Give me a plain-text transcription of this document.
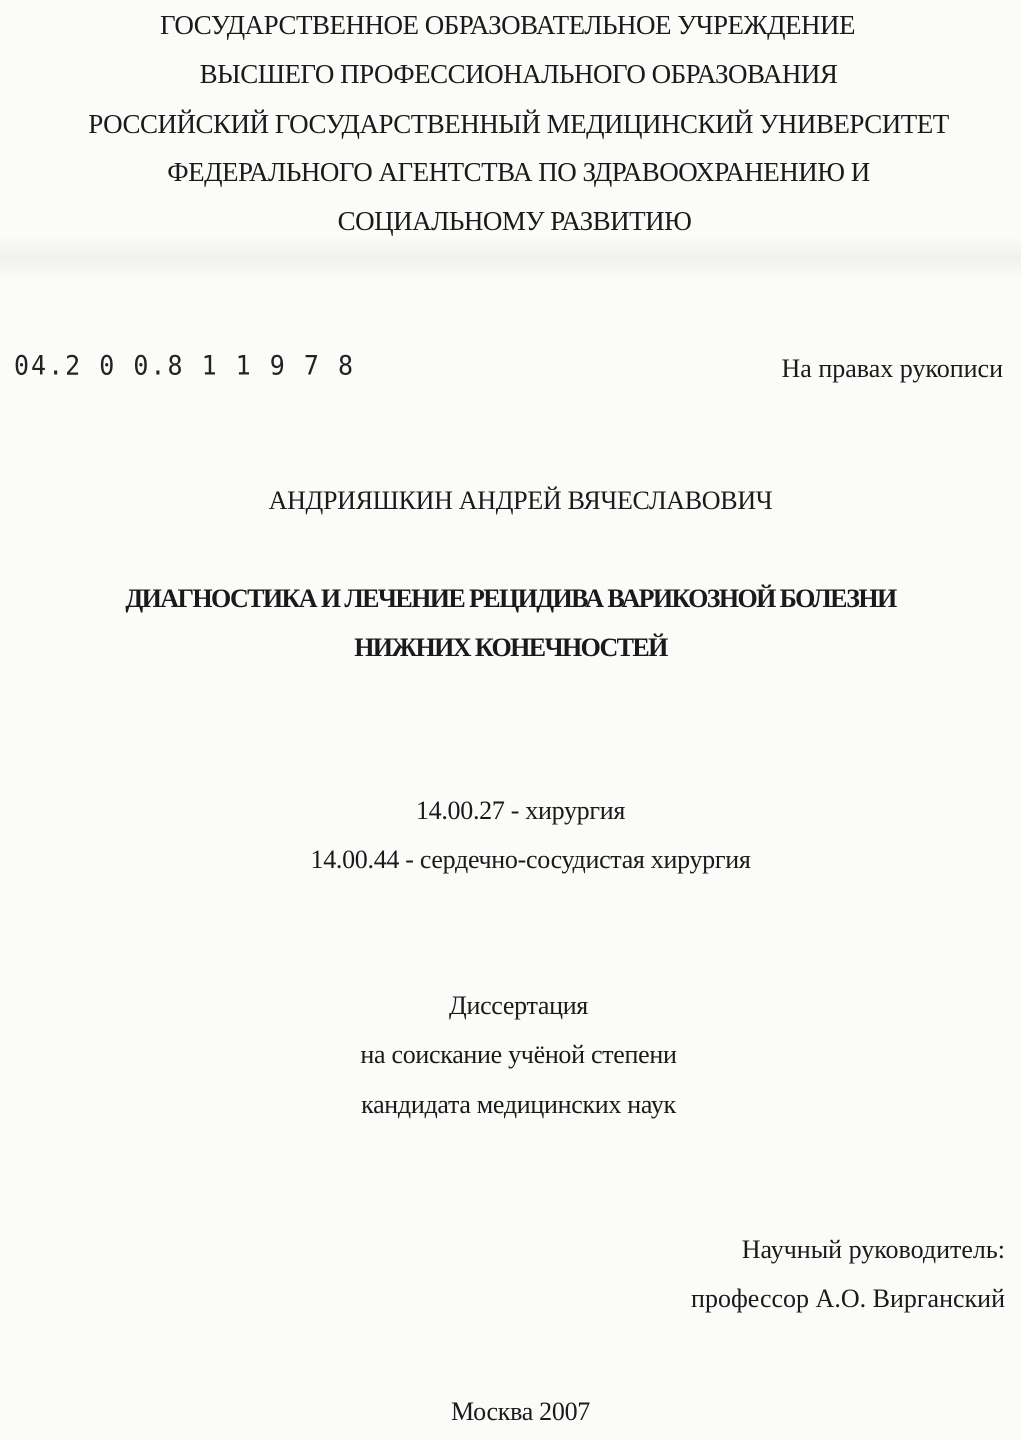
ГОСУДАРСТВЕННОЕ ОБРАЗОВАТЕЛЬНОЕ УЧРЕЖДЕНИЕ
ВЫСШЕГО ПРОФЕССИОНАЛЬНОГО ОБРАЗОВАНИЯ
РОССИЙСКИЙ ГОСУДАРСТВЕННЫЙ МЕДИЦИНСКИЙ УНИВЕРСИТЕТ
ФЕДЕРАЛЬНОГО АГЕНТСТВА ПО ЗДРАВООХРАНЕНИЮ И
СОЦИАЛЬНОМУ РАЗВИТИЮ
04.2 0 0.8 1 1 9 7 8	На правах рукописи
АНДРИЯШКИН АНДРЕЙ ВЯЧЕСЛАВОВИЧ
ДИАГНОСТИКА И ЛЕЧЕНИЕ РЕЦИДИВА ВАРИКОЗНОЙ БОЛЕЗНИ
НИЖНИХ КОНЕЧНОСТЕЙ
14.00.27 - хирургия
14.00.44 - сердечно-сосудистая хирургия
Диссертация
на соискание учёной степени
кандидата медицинских наук
Научный руководитель:
профессор А.О. Вирганский
Москва 2007
